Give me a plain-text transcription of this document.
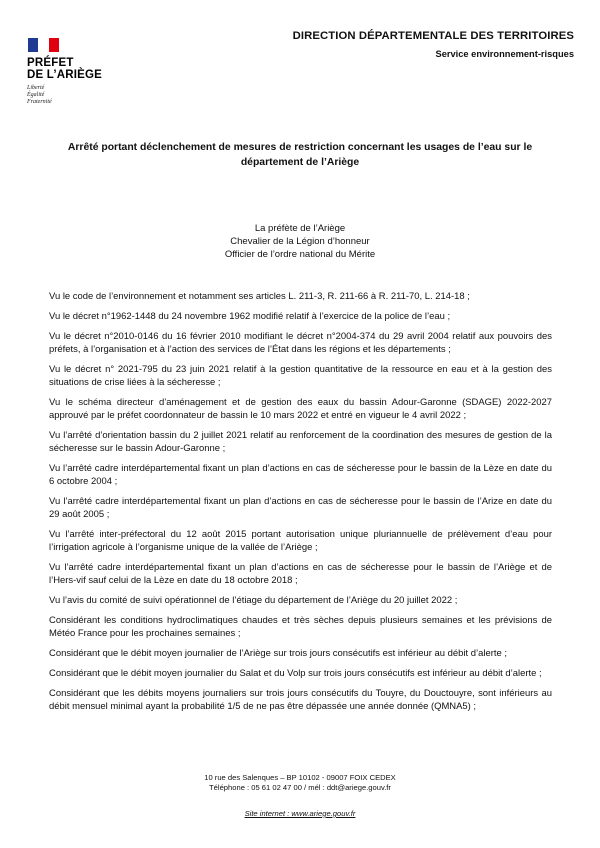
PRÉFET
DE L’ARIÈGE
Liberté
Égalité
Fraternité
DIRECTION DÉPARTEMENTALE DES TERRITOIRES
Service environnement-risques
Arrêté portant déclenchement de mesures de restriction concernant les usages de l’eau sur le département de l’Ariège
La préfète de l’Ariège
Chevalier de la Légion d’honneur
Officier de l’ordre national du Mérite

Vu le code de l’environnement et notamment ses articles L. 211-3, R. 211-66 à R. 211-70, L. 214-18 ;

Vu le décret n°1962-1448 du 24 novembre 1962 modifié relatif à l’exercice de la police de l’eau ;

Vu le décret n°2010-0146 du 16 février 2010 modifiant le décret n°2004-374 du 29 avril 2004 relatif aux pouvoirs des préfets, à l’organisation et à l’action des services de l’État dans les régions et les départements ;

Vu le décret n° 2021-795 du 23 juin 2021 relatif à la gestion quantitative de la ressource en eau et à la gestion des situations de crise liées à la sécheresse ;

Vu le schéma directeur d’aménagement et de gestion des eaux du bassin Adour-Garonne (SDAGE) 2022-2027 approuvé par le préfet coordonnateur de bassin le 10 mars 2022 et entré en vigueur le 4 avril 2022 ;

Vu l’arrêté d’orientation bassin du 2 juillet 2021 relatif au renforcement de la coordination des mesures de gestion de la sécheresse sur le bassin Adour-Garonne ;

Vu l’arrêté cadre interdépartemental fixant un plan d’actions en cas de sécheresse pour le bassin de la Lèze en date du 6 octobre 2004 ;

Vu l’arrêté cadre interdépartemental fixant un plan d’actions en cas de sécheresse pour le bassin de l’Arize en date du 29 août 2005 ;

Vu l’arrêté inter-préfectoral du 12 août 2015 portant autorisation unique pluriannuelle de prélèvement d’eau pour l’irrigation agricole à l’organisme unique de la vallée de l’Ariège ;

Vu l’arrêté cadre interdépartemental fixant un plan d’actions en cas de sécheresse pour le bassin de l’Ariège et de l’Hers-vif sauf celui de la Lèze en date du 18 octobre 2018 ;

Vu l’avis du comité de suivi opérationnel de l’étiage du département de l’Ariège du 20 juillet 2022 ;

Considérant les conditions hydroclimatiques chaudes et très sèches depuis plusieurs semaines et les prévisions de Météo France pour les prochaines semaines ;

Considérant que le débit moyen journalier de l’Ariège sur trois jours consécutifs est inférieur au débit d’alerte ;

Considérant que le débit moyen journalier du Salat et du Volp sur trois jours consécutifs est inférieur au débit d’alerte ;

Considérant que les débits moyens journaliers sur trois jours consécutifs du Touyre, du Douctouyre, sont inférieurs au débit mensuel minimal ayant la probabilité 1/5 de ne pas être dépassée une année donnée (QMNA5) ;

10 rue des Salenques – BP 10102 - 09007 FOIX CEDEX
Téléphone : 05 61 02 47 00 / mél : ddt@ariege.gouv.fr
Site internet : www.ariege.gouv.fr
